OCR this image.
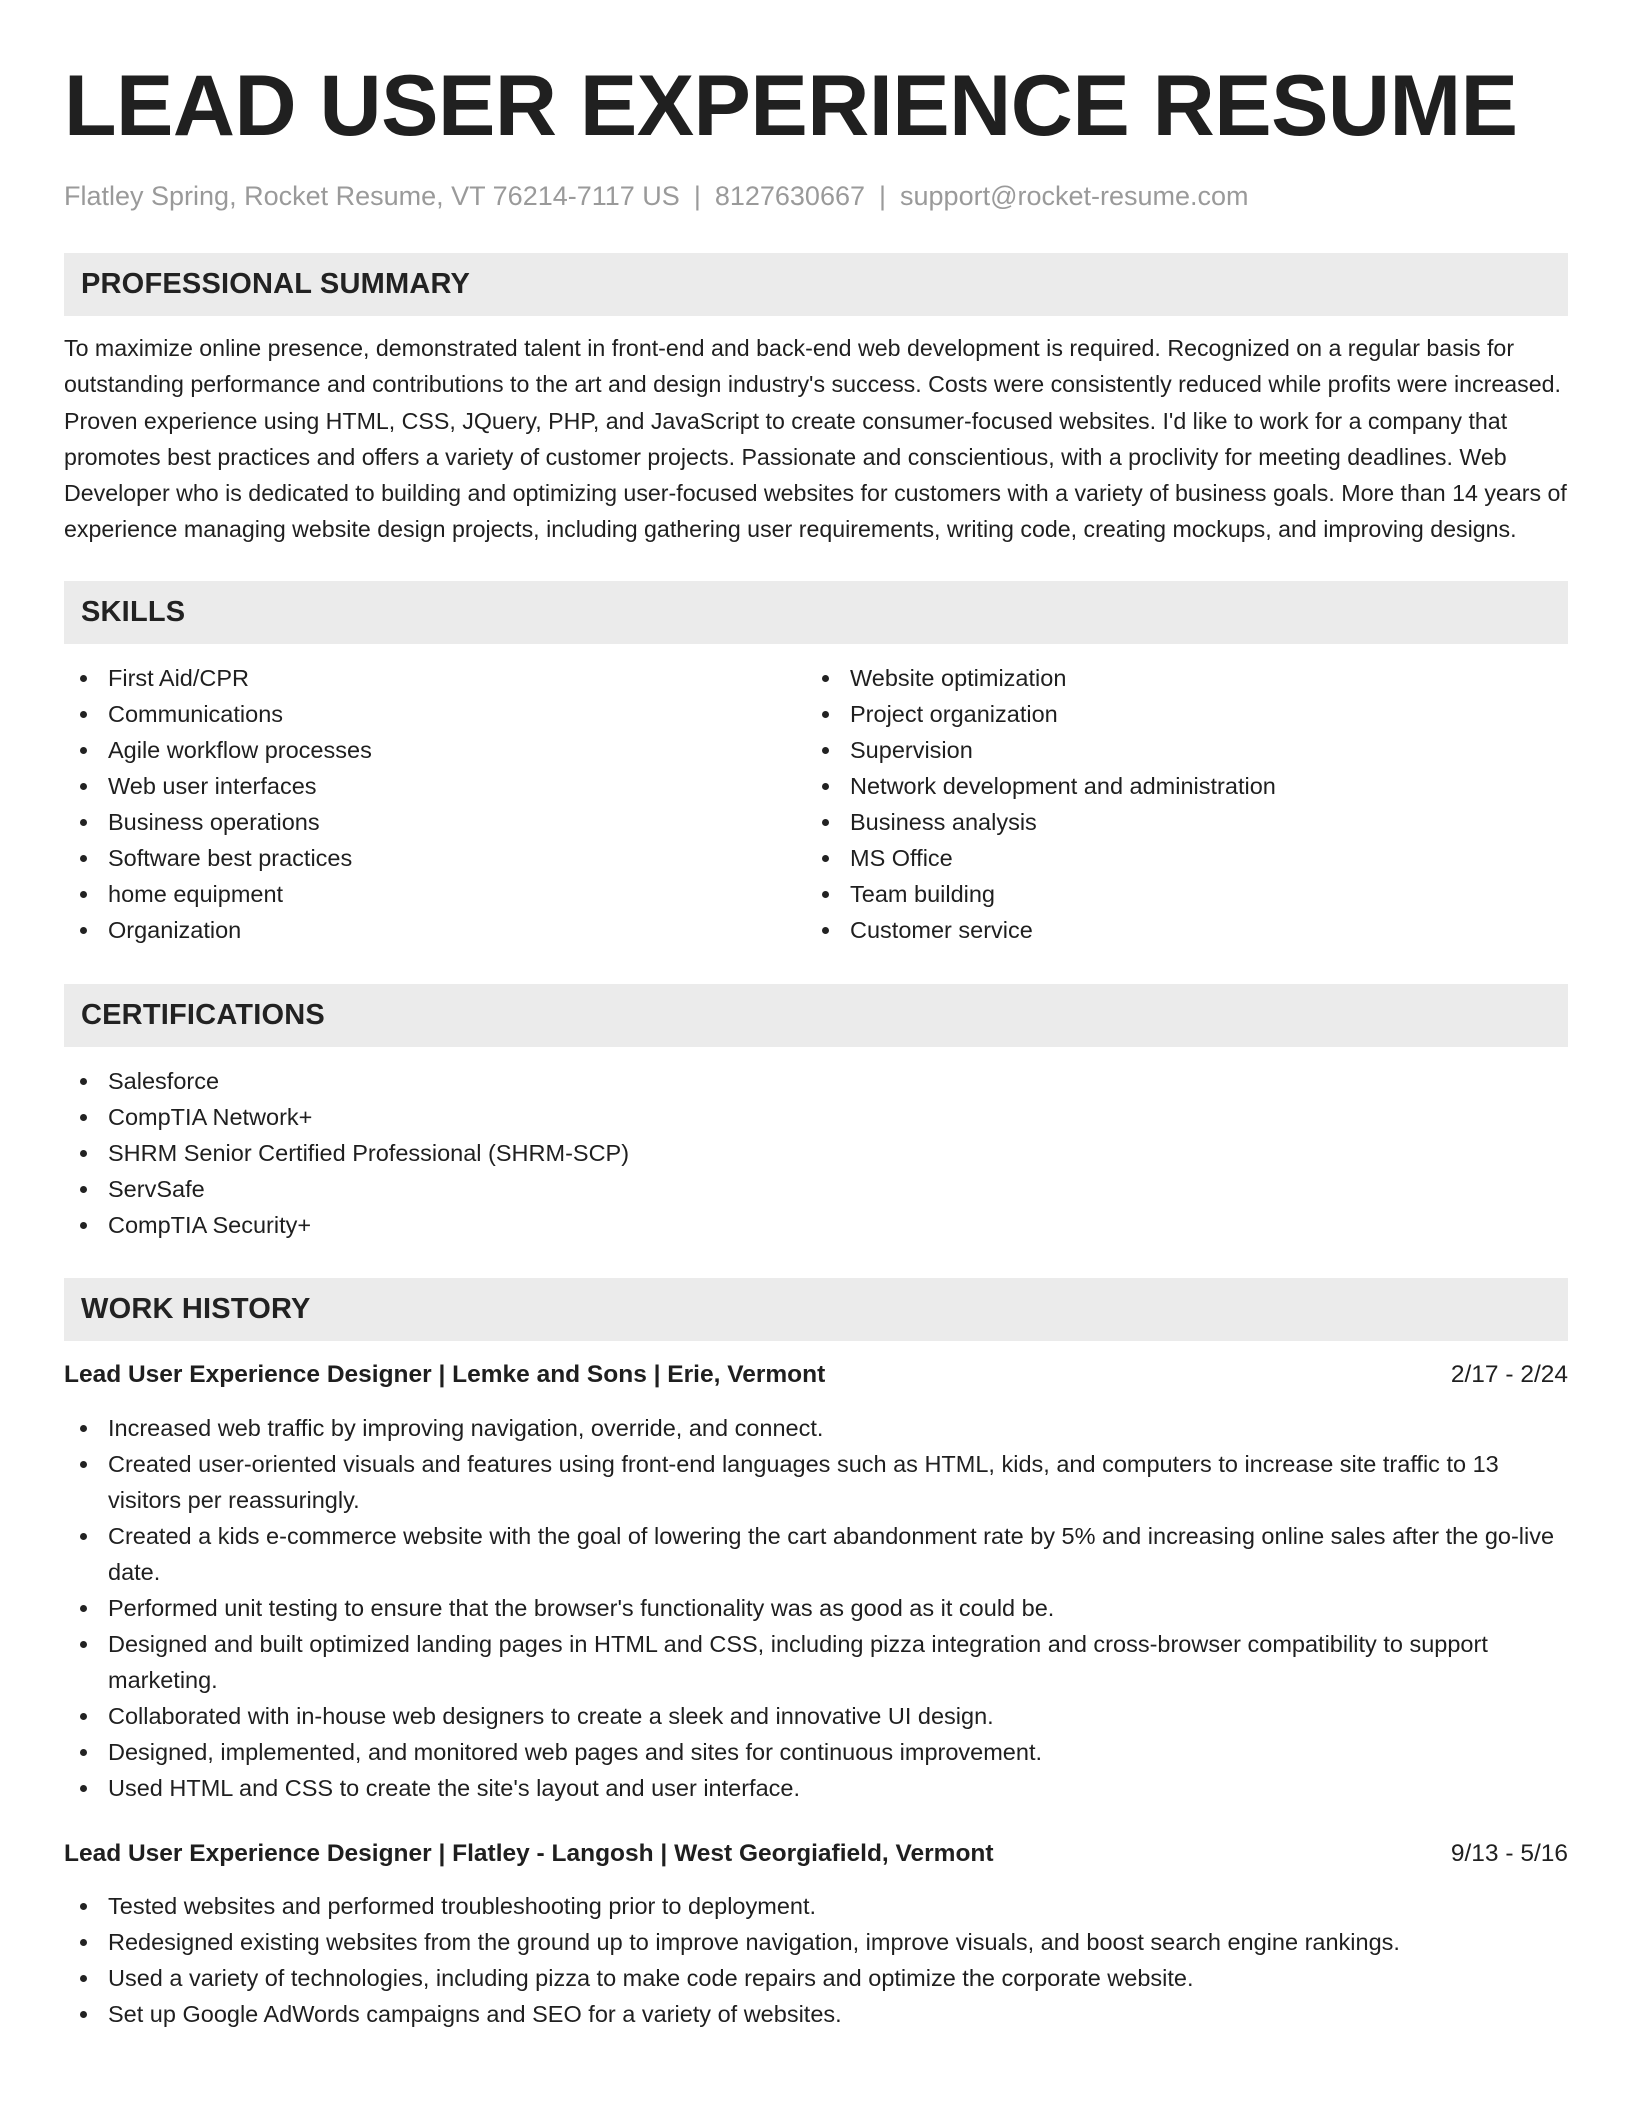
LEAD USER EXPERIENCE RESUME
Flatley Spring, Rocket Resume, VT 76214-7117 US | 8127630667 | support@rocket-resume.com
PROFESSIONAL SUMMARY

To maximize online presence, demonstrated talent in front-end and back-end web development is required. Recognized on a regular basis for outstanding performance and contributions to the art and design industry's success. Costs were consistently reduced while profits were increased. Proven experience using HTML, CSS, JQuery, PHP, and JavaScript to create consumer-focused websites. I'd like to work for a company that promotes best practices and offers a variety of customer projects. Passionate and conscientious, with a proclivity for meeting deadlines. Web Developer who is dedicated to building and optimizing user-focused websites for customers with a variety of business goals. More than 14 years of experience managing website design projects, including gathering user requirements, writing code, creating mockups, and improving designs.

SKILLS
First Aid/CPR
Communications
Agile workflow processes
Web user interfaces
Business operations
Software best practices
home equipment
Organization
Website optimization
Project organization
Supervision
Network development and administration
Business analysis
MS Office
Team building
Customer service
CERTIFICATIONS
Salesforce
CompTIA Network+
SHRM Senior Certified Professional (SHRM-SCP)
ServSafe
CompTIA Security+
WORK HISTORY
Lead User Experience Designer | Lemke and Sons | Erie, Vermont	2/17 - 2/24
Increased web traffic by improving navigation, override, and connect.
Created user-oriented visuals and features using front-end languages such as HTML, kids, and computers to increase site traffic to 13 visitors per reassuringly.
Created a kids e-commerce website with the goal of lowering the cart abandonment rate by 5% and increasing online sales after the go-live date.
Performed unit testing to ensure that the browser's functionality was as good as it could be.
Designed and built optimized landing pages in HTML and CSS, including pizza integration and cross-browser compatibility to support marketing.
Collaborated with in-house web designers to create a sleek and innovative UI design.
Designed, implemented, and monitored web pages and sites for continuous improvement.
Used HTML and CSS to create the site's layout and user interface.
Lead User Experience Designer | Flatley - Langosh | West Georgiafield, Vermont	9/13 - 5/16
Tested websites and performed troubleshooting prior to deployment.
Redesigned existing websites from the ground up to improve navigation, improve visuals, and boost search engine rankings.
Used a variety of technologies, including pizza to make code repairs and optimize the corporate website.
Set up Google AdWords campaigns and SEO for a variety of websites.
